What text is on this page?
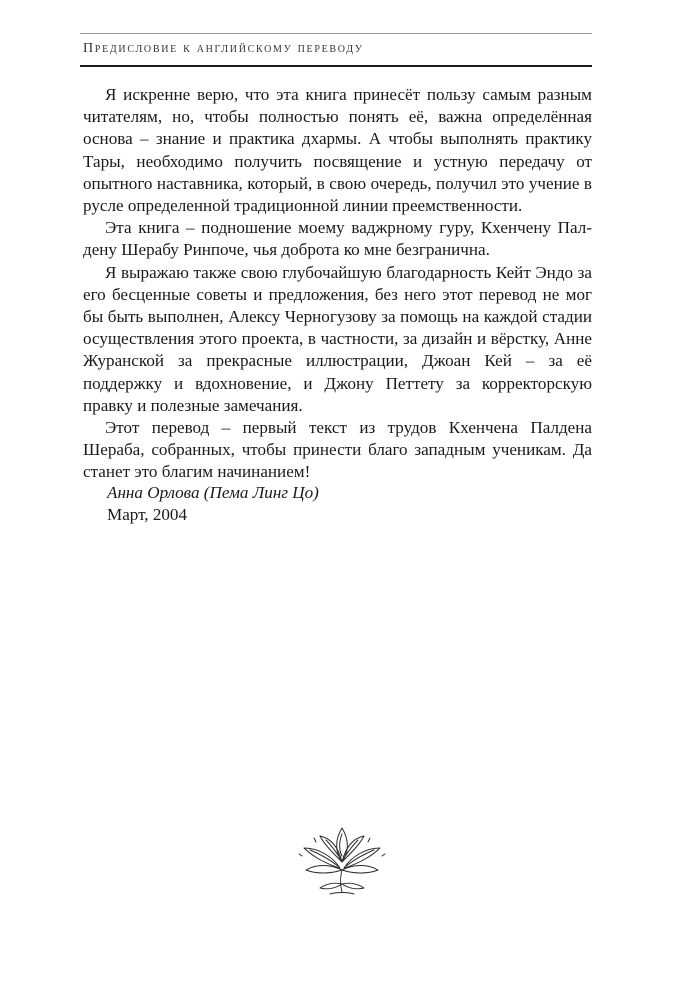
Предисловие к английскому переводу

Я искренне верю, что эта книга принесёт пользу самым разным читателям, но, чтобы полностью понять её, важна определённая основа – знание и практика дхармы. А чтобы выполнять практику Тары, необходимо получить посвящение и устную передачу от опытного наставника, который, в свою очередь, получил это учение в русле определенной традиционной линии преемственности.

Эта книга – подношение моему ваджрному гуру, Кхенчену Палдену Шерабу Ринпоче, чья доброта ко мне безгранична.

Я выражаю также свою глубочайшую благодарность Кейт Эндо за его бесценные советы и предложения, без него этот перевод не мог бы быть выполнен, Алексу Черногузову за помощь на каждой стадии осуществления этого проекта, в частности, за дизайн и вёрстку, Анне Журанской за прекрасные иллюстрации, Джоан Кей – за её поддержку и вдохновение, и Джону Петтету за корректорскую правку и полезные замечания.

Этот перевод – первый текст из трудов Кхенчена Палдена Шераба, собранных, чтобы принести благо западным ученикам. Да станет это благим начинанием!

Анна Орлова (Пема Линг Цо)
Март, 2004
